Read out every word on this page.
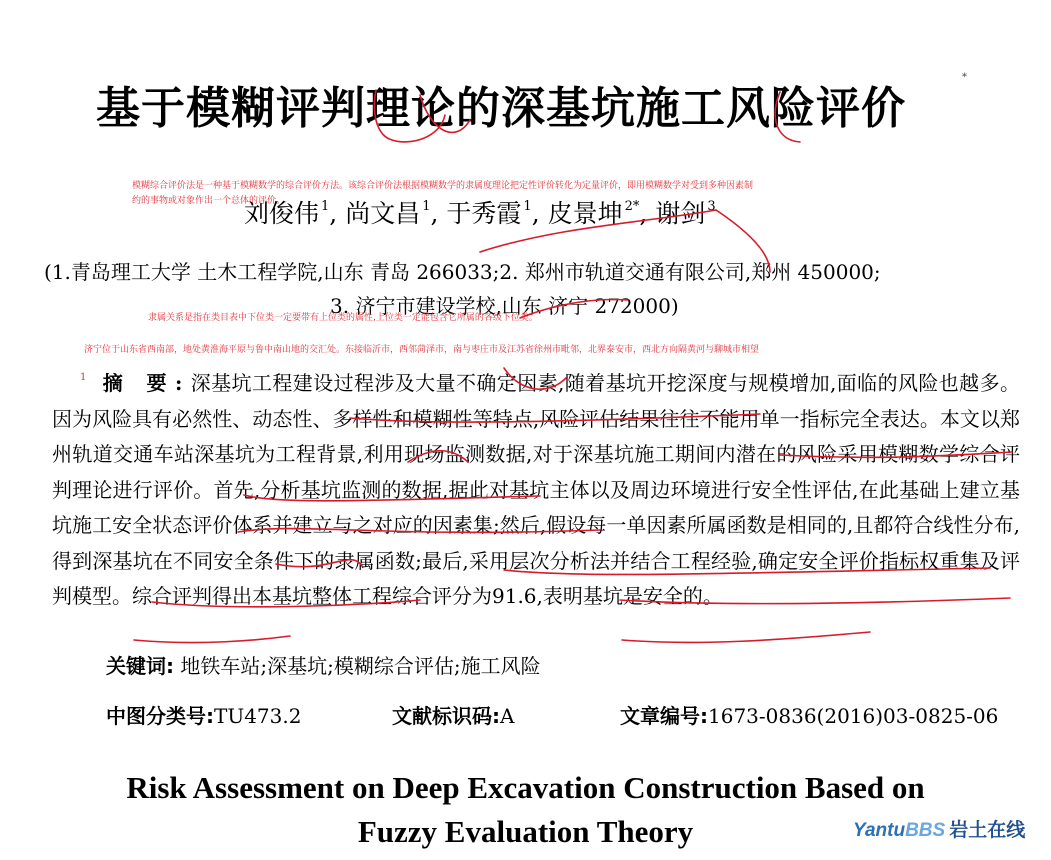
基于模糊评判理论的深基坑施工风险评价
*
模糊综合评价法是一种基于模糊数学的综合评价方法。该综合评价法根据模糊数学的隶属度理论把定性评价转化为定量评价，即用模糊数学对受到多种因素制
约的事物或对象作出一个总体的评价。
刘俊伟 $^1$, 尚文昌 $^1$, 于秀霞 $^1$, 皮景坤 $^{2*}$, 谢剑 $^3$
(1.青岛理工大学 土木工程学院,山东 青岛 266033;2. 郑州市轨道交通有限公司,郑州 450000;
3. 济宁市建设学校,山东 济宁 272000)
隶属关系是指在类目表中下位类一定要带有上位类的属性,上位类一定能包含它所属的各级下位类。
济宁位于山东省西南部，地处黄淮海平原与鲁中南山地的交汇处。东接临沂市，西邻菏泽市，南与枣庄市及江苏省徐州市毗邻，北界泰安市，西北方向隔黄河与聊城市相望
$^1$ 摘 要:深基坑工程建设过程涉及大量不确定因素,随着基坑开挖深度与规模增加,面临的风险也越多。因为风险具有必然性、动态性、多样性和模糊性等特点,风险评估结果往往不能用单一指标完全表达。本文以郑州轨道交通车站深基坑为工程背景,利用现场监测数据,对于深基坑施工期间内潜在的风险采用模糊数学综合评判理论进行评价。首先,分析基坑监测的数据,据此对基坑主体以及周边环境进行安全性评估,在此基础上建立基坑施工安全状态评价体系并建立与之对应的因素集;然后,假设每一单因素所属函数是相同的,且都符合线性分布,得到深基坑在不同安全条件下的隶属函数;最后,采用层次分析法并结合工程经验,确定安全评价指标权重集及评判模型。综合评判得出本基坑整体工程综合评分为91.6,表明基坑是安全的。
关键词: 地铁车站;深基坑;模糊综合评估;施工风险
中图分类号:TU473.2	文献标识码:A	文章编号:1673-0836(2016)03-0825-06
Risk Assessment on Deep Excavation Construction Based on
Fuzzy Evaluation Theory	YantuBBS 岩土在线
